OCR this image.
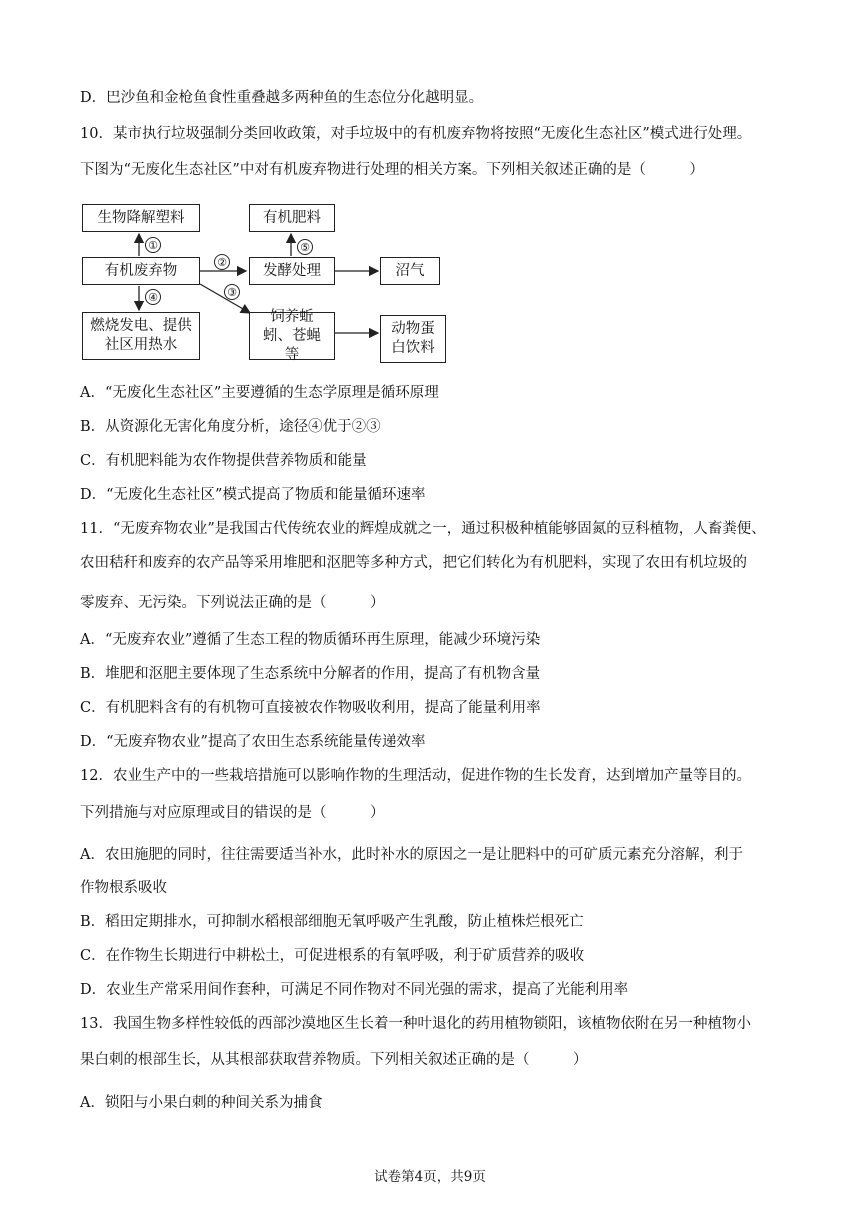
D．巴沙鱼和金枪鱼食性重叠越多两种鱼的生态位分化越明显。
10．某市执行垃圾强制分类回收政策，对手垃圾中的有机废弃物将按照“无废化生态社区”模式进行处理。
下图为“无废化生态社区”中对有机废弃物进行处理的相关方案。下列相关叙述正确的是（　　　）
生物降解塑料
有机废弃物
燃烧发电、提供社区用热水
有机肥料
发酵处理	沼气
饲养蚯蚓、苍蝇等
动物蛋白饮料
①
④
②
③
⑤
A．“无废化生态社区”主要遵循的生态学原理是循环原理
B．从资源化无害化角度分析，途径④优于②③
C．有机肥料能为农作物提供营养物质和能量
D．“无废化生态社区”模式提高了物质和能量循环速率
11．“无废弃物农业”是我国古代传统农业的辉煌成就之一，通过积极种植能够固氮的豆科植物，人畜粪便、
农田秸秆和废弃的农产品等采用堆肥和沤肥等多种方式，把它们转化为有机肥料，实现了农田有机垃圾的
零废弃、无污染。下列说法正确的是（　　　）
A．“无废弃农业”遵循了生态工程的物质循环再生原理，能减少环境污染
B．堆肥和沤肥主要体现了生态系统中分解者的作用，提高了有机物含量
C．有机肥料含有的有机物可直接被农作物吸收利用，提高了能量利用率
D．“无废弃物农业”提高了农田生态系统能量传递效率
12．农业生产中的一些栽培措施可以影响作物的生理活动，促进作物的生长发育，达到增加产量等目的。
下列措施与对应原理或目的错误的是（　　　）
A．农田施肥的同时，往往需要适当补水，此时补水的原因之一是让肥料中的可矿质元素充分溶解，利于
作物根系吸收
B．稻田定期排水，可抑制水稻根部细胞无氧呼吸产生乳酸，防止植株烂根死亡
C．在作物生长期进行中耕松土，可促进根系的有氧呼吸，利于矿质营养的吸收
D．农业生产常采用间作套种，可满足不同作物对不同光强的需求，提高了光能利用率
13．我国生物多样性较低的西部沙漠地区生长着一种叶退化的药用植物锁阳，该植物依附在另一种植物小
果白刺的根部生长，从其根部获取营养物质。下列相关叙述正确的是（　　　）
A．锁阳与小果白刺的种间关系为捕食
试卷第4页，共9页
